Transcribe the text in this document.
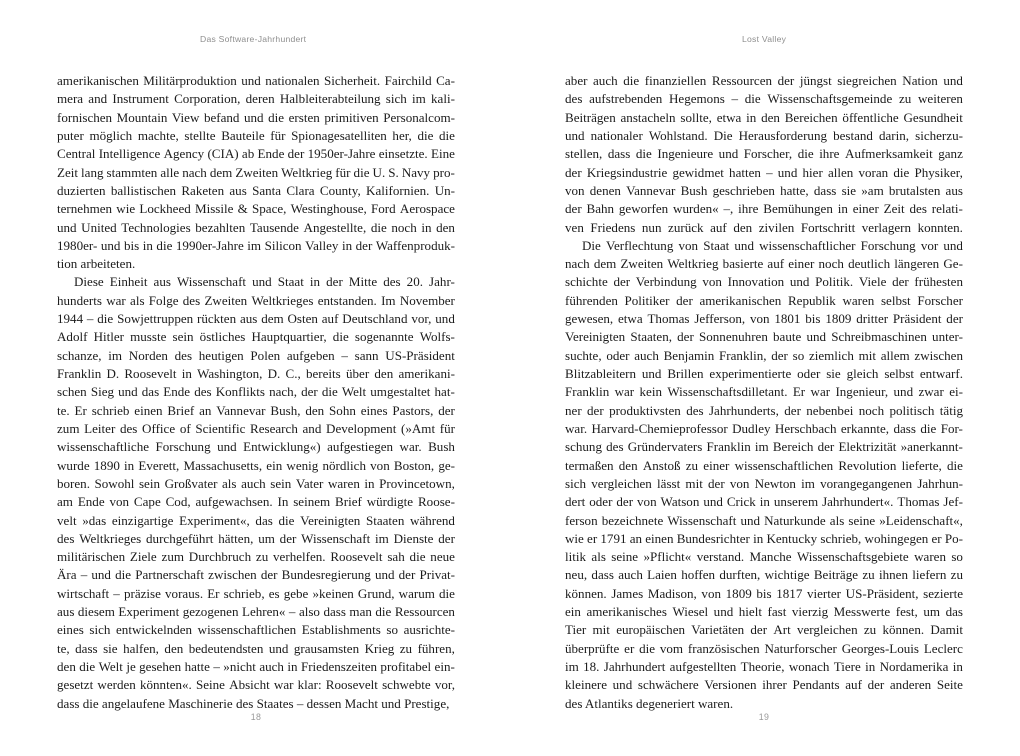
Das Software-Jahrhundert	Lost Valley
amerikanischen Militärproduktion und nationalen Sicherheit. Fairchild Ca-
mera and Instrument Corporation, deren Halbleiterabteilung sich im kali-
fornischen Mountain View befand und die ersten primitiven Personalcom-
puter möglich machte, stellte Bauteile für Spionagesatelliten her, die die
Central Intelligence Agency (CIA) ab Ende der 1950er-Jahre einsetzte. Eine
Zeit lang stammten alle nach dem Zweiten Weltkrieg für die U. S. Navy pro-
duzierten ballistischen Raketen aus Santa Clara County, Kalifornien. Un-
ternehmen wie Lockheed Missile & Space, Westinghouse, Ford Aerospace
und United Technologies bezahlten Tausende Angestellte, die noch in den
1980er- und bis in die 1990er-Jahre im Silicon Valley in der Waffenproduk-
tion arbeiteten.
Diese Einheit aus Wissenschaft und Staat in der Mitte des 20. Jahr-
hunderts war als Folge des Zweiten Weltkrieges entstanden. Im November
1944 – die Sowjettruppen rückten aus dem Osten auf Deutschland vor, und
Adolf Hitler musste sein östliches Hauptquartier, die sogenannte Wolfs-
schanze, im Norden des heutigen Polen aufgeben – sann US-Präsident
Franklin D. Roosevelt in Washington, D. C., bereits über den amerikani-
schen Sieg und das Ende des Konflikts nach, der die Welt umgestaltet hat-
te. Er schrieb einen Brief an Vannevar Bush, den Sohn eines Pastors, der
zum Leiter des Office of Scientific Research and Development (»Amt für
wissenschaftliche Forschung und Entwicklung«) aufgestiegen war. Bush
wurde 1890 in Everett, Massachusetts, ein wenig nördlich von Boston, ge-
boren. Sowohl sein Großvater als auch sein Vater waren in Provincetown,
am Ende von Cape Cod, aufgewachsen. In seinem Brief würdigte Roose-
velt »das einzigartige Experiment«, das die Vereinigten Staaten während
des Weltkrieges durchgeführt hätten, um der Wissenschaft im Dienste der
militärischen Ziele zum Durchbruch zu verhelfen. Roosevelt sah die neue
Ära – und die Partnerschaft zwischen der Bundesregierung und der Privat-
wirtschaft – präzise voraus. Er schrieb, es gebe »keinen Grund, warum die
aus diesem Experiment gezogenen Lehren« – also dass man die Ressourcen
eines sich entwickelnden wissenschaftlichen Establishments so ausrichte-
te, dass sie halfen, den bedeutendsten und grausamsten Krieg zu führen,
den die Welt je gesehen hatte – »nicht auch in Friedenszeiten profitabel ein-
gesetzt werden könnten«. Seine Absicht war klar: Roosevelt schwebte vor,
dass die angelaufene Maschinerie des Staates – dessen Macht und Prestige,
aber auch die finanziellen Ressourcen der jüngst siegreichen Nation und
des aufstrebenden Hegemons – die Wissenschaftsgemeinde zu weiteren
Beiträgen anstacheln sollte, etwa in den Bereichen öffentliche Gesundheit
und nationaler Wohlstand. Die Herausforderung bestand darin, sicherzu-
stellen, dass die Ingenieure und Forscher, die ihre Aufmerksamkeit ganz
der Kriegsindustrie gewidmet hatten – und hier allen voran die Physiker,
von denen Vannevar Bush geschrieben hatte, dass sie »am brutalsten aus
der Bahn geworfen wurden« –, ihre Bemühungen in einer Zeit des relati-
ven Friedens nun zurück auf den zivilen Fortschritt verlagern konnten.
Die Verflechtung von Staat und wissenschaftlicher Forschung vor und
nach dem Zweiten Weltkrieg basierte auf einer noch deutlich längeren Ge-
schichte der Verbindung von Innovation und Politik. Viele der frühesten
führenden Politiker der amerikanischen Republik waren selbst Forscher
gewesen, etwa Thomas Jefferson, von 1801 bis 1809 dritter Präsident der
Vereinigten Staaten, der Sonnenuhren baute und Schreibmaschinen unter-
suchte, oder auch Benjamin Franklin, der so ziemlich mit allem zwischen
Blitzableitern und Brillen experimentierte oder sie gleich selbst entwarf.
Franklin war kein Wissenschaftsdilletant. Er war Ingenieur, und zwar ei-
ner der produktivsten des Jahrhunderts, der nebenbei noch politisch tätig
war. Harvard-Chemieprofessor Dudley Herschbach erkannte, dass die For-
schung des Gründervaters Franklin im Bereich der Elektrizität »anerkannt-
termaßen den Anstoß zu einer wissenschaftlichen Revolution lieferte, die
sich vergleichen lässt mit der von Newton im vorangegangenen Jahrhun-
dert oder der von Watson und Crick in unserem Jahrhundert«. Thomas Jef-
ferson bezeichnete Wissenschaft und Naturkunde als seine »Leidenschaft«,
wie er 1791 an einen Bundesrichter in Kentucky schrieb, wohingegen er Po-
litik als seine »Pflicht« verstand. Manche Wissenschaftsgebiete waren so
neu, dass auch Laien hoffen durften, wichtige Beiträge zu ihnen liefern zu
können. James Madison, von 1809 bis 1817 vierter US-Präsident, sezierte
ein amerikanisches Wiesel und hielt fast vierzig Messwerte fest, um das
Tier mit europäischen Varietäten der Art vergleichen zu können. Damit
überprüfte er die vom französischen Naturforscher Georges-Louis Leclerc
im 18. Jahrhundert aufgestellten Theorie, wonach Tiere in Nordamerika in
kleinere und schwächere Versionen ihrer Pendants auf der anderen Seite
des Atlantiks degeneriert waren.
18	19
